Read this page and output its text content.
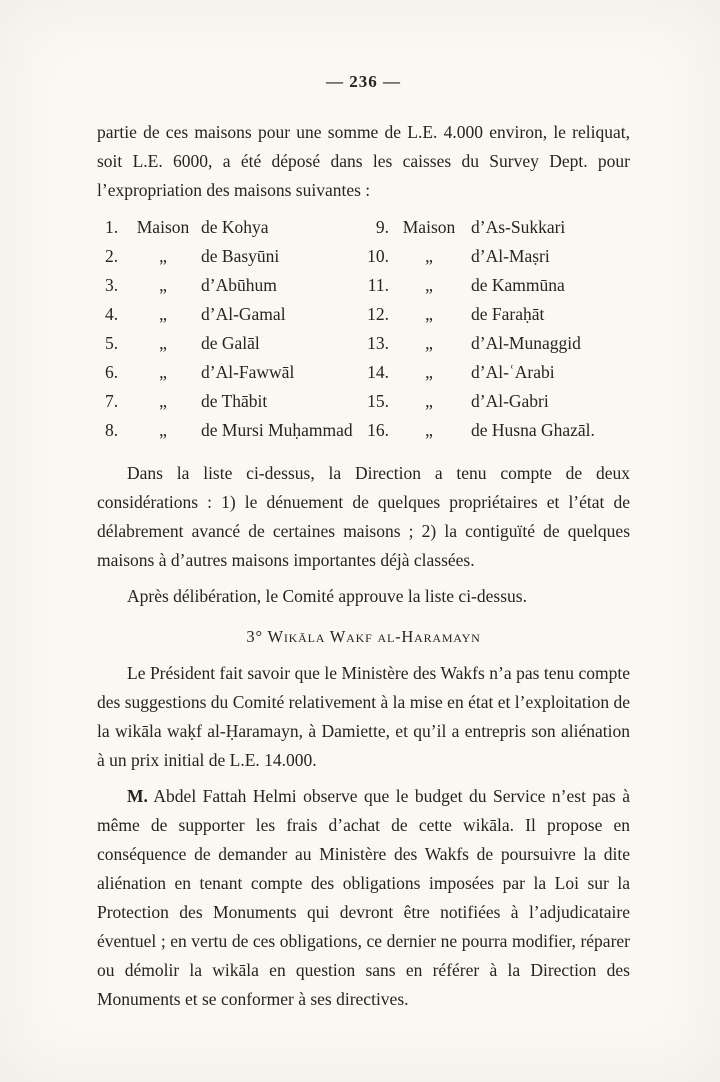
— 236 —

partie de ces maisons pour une somme de L.E. 4.000 environ, le reliquat, soit L.E. 6000, a été déposé dans les caisses du Survey Dept. pour l’expropriation des maisons suivantes :

1.	Maison de Kohya	9. Maison d’As-Sukkari
2.	„	de Basyūni	10.	„	d’Al-Maṣri
3.	„	d’Abūhum	11.	„	de Kammūna
4.	„	d’Al-Gamal	12.	„	de Faraḥāt
5.	„	de Galāl	13.	„	d’Al-Munaggid
6.	„	d’Al-Fawwāl	14.	„	d’Al-ʿArabi
7.	„	de Thābit	15.	„	d’Al-Gabri
8.	„	de Mursi Muḥammad 16.	„	de Husna Ghazāl.

Dans la liste ci-dessus, la Direction a tenu compte de deux considérations : 1) le dénuement de quelques propriétaires et l’état de délabrement avancé de certaines maisons ; 2) la contiguïté de quelques maisons à d’autres maisons importantes déjà classées.

Après délibération, le Comité approuve la liste ci-dessus.

3° Wikāla Wakf al-Haramayn

Le Président fait savoir que le Ministère des Wakfs n’a pas tenu compte des suggestions du Comité relativement à la mise en état et l’exploitation de la wikāla waḳf al-Ḥaramayn, à Damiette, et qu’il a entrepris son aliénation à un prix initial de L.E. 14.000.

M. Abdel Fattah Helmi observe que le budget du Service n’est pas à même de supporter les frais d’achat de cette wikāla. Il propose en conséquence de demander au Ministère des Wakfs de poursuivre la dite aliénation en tenant compte des obligations imposées par la Loi sur la Protection des Monuments qui devront être notifiées à l’adjudicataire éventuel ; en vertu de ces obligations, ce dernier ne pourra modifier, réparer ou démolir la wikāla en question sans en référer à la Direction des Monuments et se conformer à ses directives.
